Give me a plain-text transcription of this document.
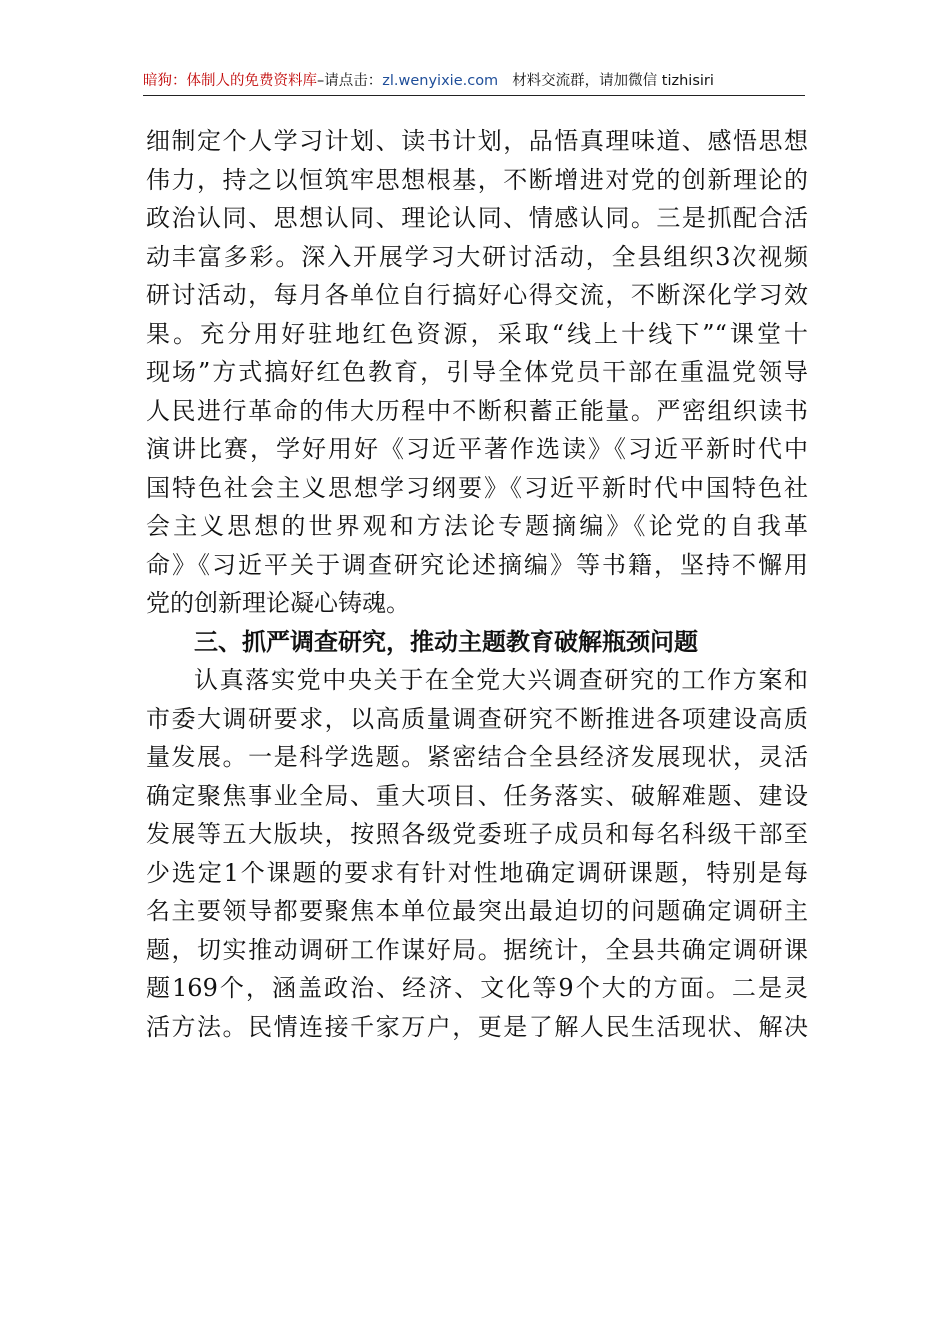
暗狗：体制人的免费资料库–请点击：zl.wenyixie.com 材料交流群，请加微信 tizhisiri
细制定个人学习计划、读书计划，品悟真理味道、感悟思想
伟力，持之以恒筑牢思想根基，不断增进对党的创新理论的
政治认同、思想认同、理论认同、情感认同。三是抓配合活
动丰富多彩。深入开展学习大研讨活动，全县组织3次视频
研讨活动，每月各单位自行搞好心得交流，不断深化学习效
果。充分用好驻地红色资源，采取“线上十线下”“课堂十
现场”方式搞好红色教育，引导全体党员干部在重温党领导
人民进行革命的伟大历程中不断积蓄正能量。严密组织读书
演讲比赛，学好用好《习近平著作选读》《习近平新时代中
国特色社会主义思想学习纲要》《习近平新时代中国特色社
会主义思想的世界观和方法论专题摘编》《论党的自我革
命》《习近平关于调查研究论述摘编》等书籍，坚持不懈用
党的创新理论凝心铸魂。
三、抓严调查研究，推动主题教育破解瓶颈问题
认真落实党中央关于在全党大兴调查研究的工作方案和
市委大调研要求，以高质量调查研究不断推进各项建设高质
量发展。一是科学选题。紧密结合全县经济发展现状，灵活
确定聚焦事业全局、重大项目、任务落实、破解难题、建设
发展等五大版块，按照各级党委班子成员和每名科级干部至
少选定1个课题的要求有针对性地确定调研课题，特别是每
名主要领导都要聚焦本单位最突出最迫切的问题确定调研主
题，切实推动调研工作谋好局。据统计，全县共确定调研课
题169个，涵盖政治、经济、文化等9个大的方面。二是灵
活方法。民情连接千家万户，更是了解人民生活现状、解决
